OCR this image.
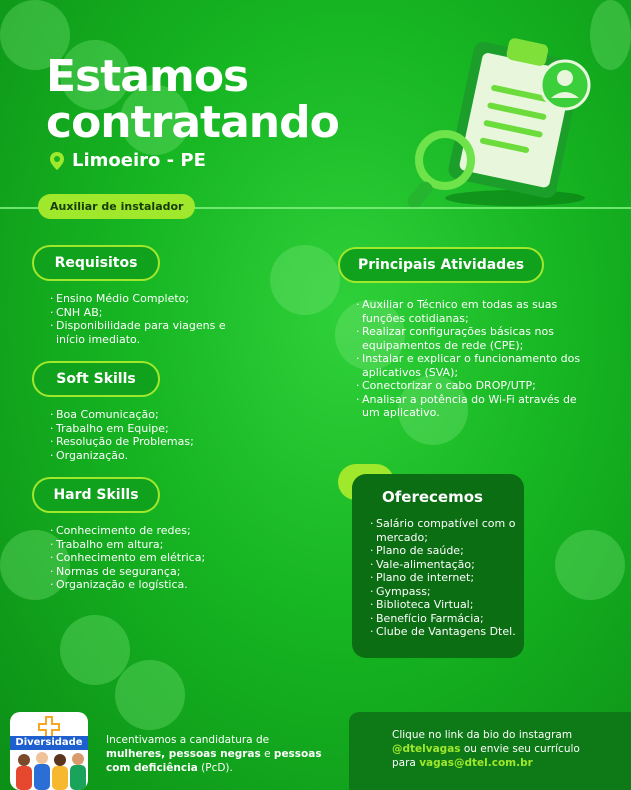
Estamos
contratando
Limoeiro - PE
Auxiliar de instalador
Requisitos
· Ensino Médio Completo;
· CNH AB;
· Disponibilidade para viagens e início imediato.
Soft Skills
· Boa Comunicação;
· Trabalho em Equipe;
· Resolução de Problemas;
· Organização.
Hard Skills
· Conhecimento de redes;
· Trabalho em altura;
· Conhecimento em elétrica;
· Normas de segurança;
· Organização e logística.
Principais Atividades
· Auxiliar o Técnico em todas as suas funções cotidianas;
· Realizar configurações básicas nos equipamentos de rede (CPE);
· Instalar e explicar o funcionamento dos aplicativos (SVA);
· Conectorizar o cabo DROP/UTP;
· Analisar a potência do Wi-Fi através de um aplicativo.
Oferecemos
· Salário compatível com o mercado;
· Plano de saúde;
· Vale-alimentação;
· Plano de internet;
· Gympass;
· Biblioteca Virtual;
· Benefício Farmácia;
· Clube de Vantagens Dtel.
Diversidade	Incentivamos a candidatura de
mulheres, pessoas negras e pessoas
com deficiência (PcD).
Clique no link da bio do instagram
@dtelvagas ou envie seu currículo
para vagas@dtel.com.br
